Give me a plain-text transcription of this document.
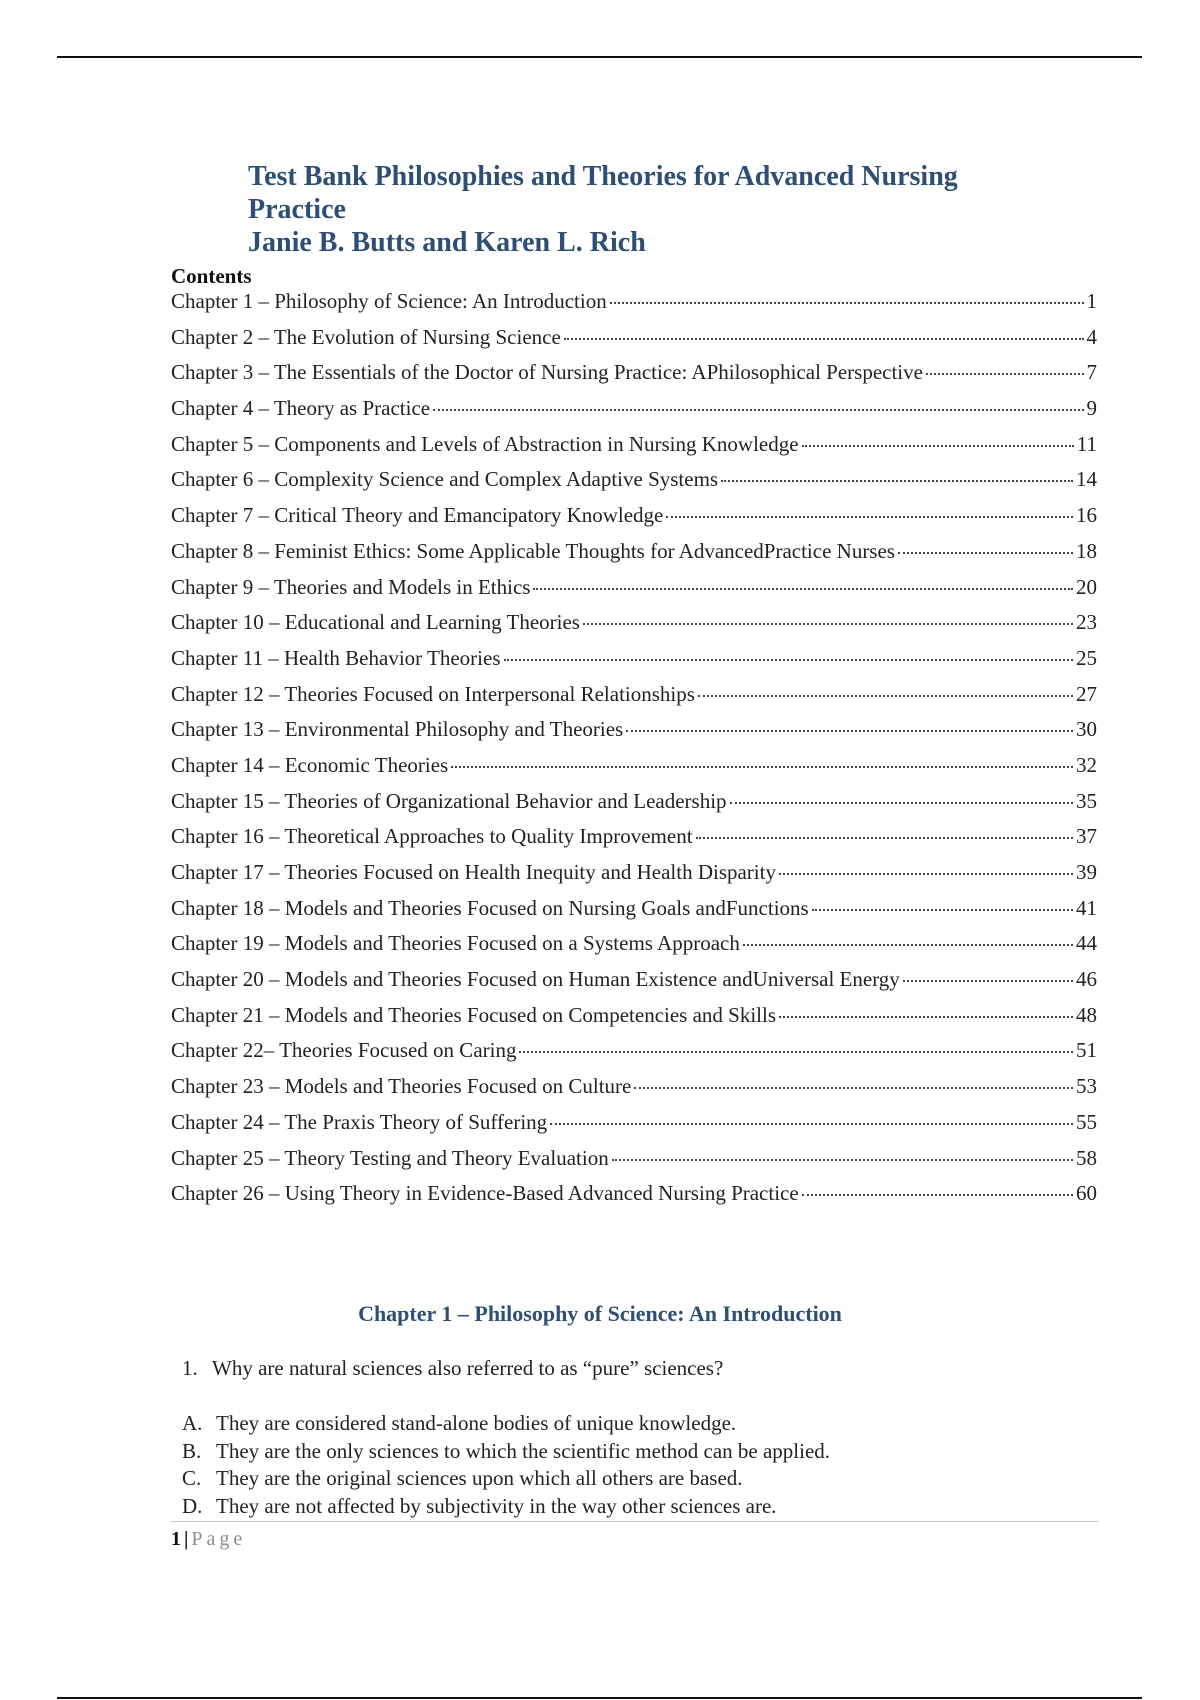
Test Bank Philosophies and Theories for Advanced Nursing
Practice
Janie B. Butts and Karen L. Rich
Contents
Chapter 1 – Philosophy of Science: An Introduction	1
Chapter 2 – The Evolution of Nursing Science	4
Chapter 3 – The Essentials of the Doctor of Nursing Practice: APhilosophical Perspective	7
Chapter 4 – Theory as Practice	9
Chapter 5 – Components and Levels of Abstraction in Nursing Knowledge	11
Chapter 6 – Complexity Science and Complex Adaptive Systems	14
Chapter 7 – Critical Theory and Emancipatory Knowledge	16
Chapter 8 – Feminist Ethics: Some Applicable Thoughts for AdvancedPractice Nurses	18
Chapter 9 – Theories and Models in Ethics	20
Chapter 10 – Educational and Learning Theories	23
Chapter 11 – Health Behavior Theories	25
Chapter 12 – Theories Focused on Interpersonal Relationships	27
Chapter 13 – Environmental Philosophy and Theories	30
Chapter 14 – Economic Theories	32
Chapter 15 – Theories of Organizational Behavior and Leadership	35
Chapter 16 – Theoretical Approaches to Quality Improvement	37
Chapter 17 – Theories Focused on Health Inequity and Health Disparity	39
Chapter 18 – Models and Theories Focused on Nursing Goals andFunctions	41
Chapter 19 – Models and Theories Focused on a Systems Approach	44
Chapter 20 – Models and Theories Focused on Human Existence andUniversal Energy	46
Chapter 21 – Models and Theories Focused on Competencies and Skills	48
Chapter 22– Theories Focused on Caring	51
Chapter 23 – Models and Theories Focused on Culture	53
Chapter 24 – The Praxis Theory of Suffering	55
Chapter 25 – Theory Testing and Theory Evaluation	58
Chapter 26 – Using Theory in Evidence-Based Advanced Nursing Practice	60
Chapter 1 – Philosophy of Science: An Introduction
1. Why are natural sciences also referred to as “pure” sciences?
A. They are considered stand-alone bodies of unique knowledge.
B. They are the only sciences to which the scientific method can be applied.
C. They are the original sciences upon which all others are based.
D. They are not affected by subjectivity in the way other sciences are.
1 | Page
